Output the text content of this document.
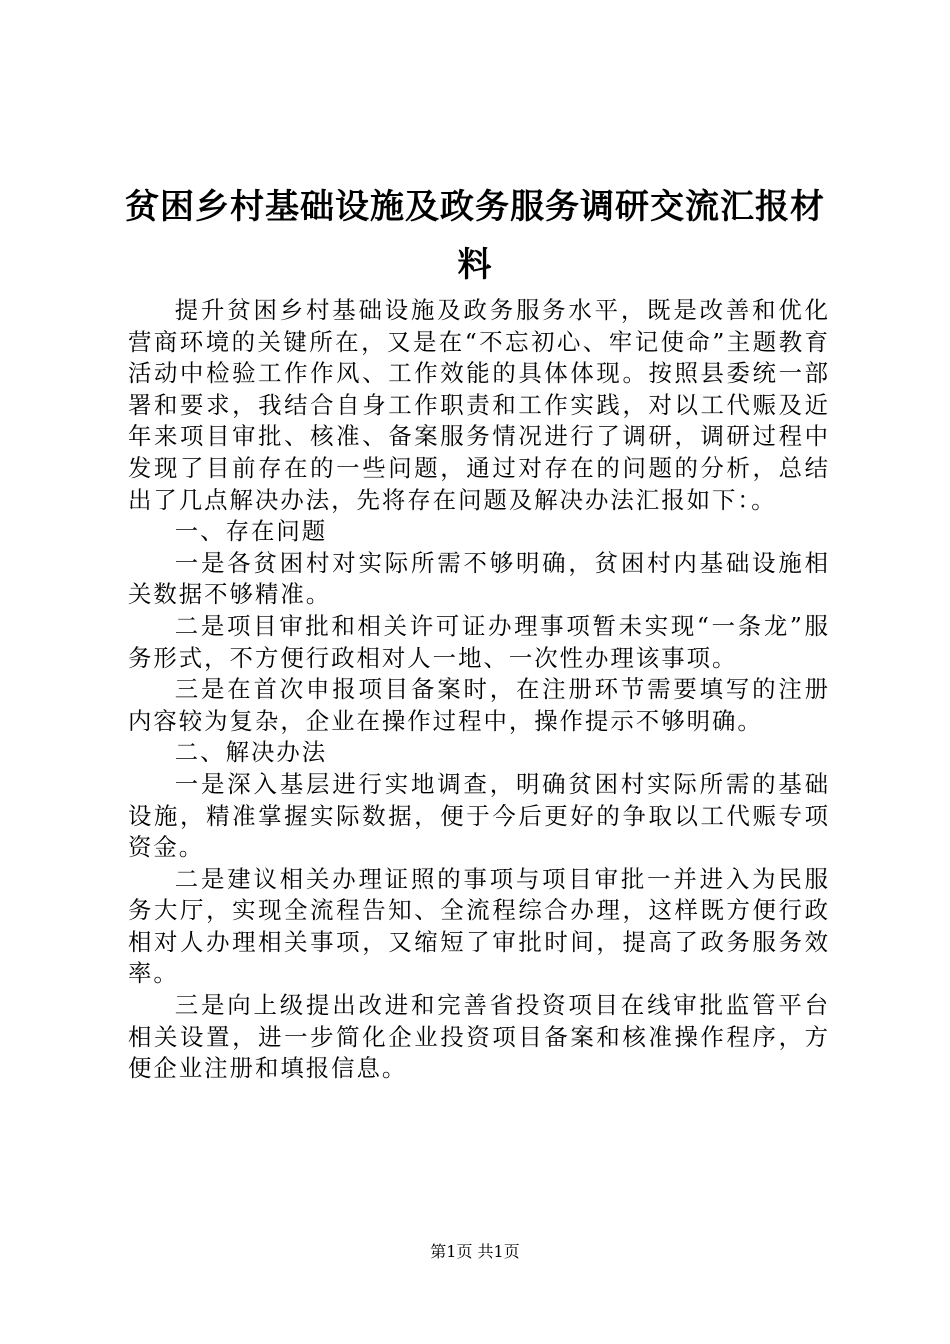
贫困乡村基础设施及政务服务调研交流汇报材料

提升贫困乡村基础设施及政务服务水平，既是改善和优化营商环境的关键所在，又是在“不忘初心、牢记使命”主题教育活动中检验工作作风、工作效能的具体体现。按照县委统一部署和要求，我结合自身工作职责和工作实践，对以工代赈及近年来项目审批、核准、备案服务情况进行了调研，调研过程中发现了目前存在的一些问题，通过对存在的问题的分析，总结出了几点解决办法，先将存在问题及解决办法汇报如下：。

一、存在问题

一是各贫困村对实际所需不够明确，贫困村内基础设施相关数据不够精准。

二是项目审批和相关许可证办理事项暂未实现“一条龙”服务形式，不方便行政相对人一地、一次性办理该事项。

三是在首次申报项目备案时，在注册环节需要填写的注册内容较为复杂，企业在操作过程中，操作提示不够明确。

二、解决办法

一是深入基层进行实地调查，明确贫困村实际所需的基础设施，精准掌握实际数据，便于今后更好的争取以工代赈专项资金。

二是建议相关办理证照的事项与项目审批一并进入为民服务大厅，实现全流程告知、全流程综合办理，这样既方便行政相对人办理相关事项，又缩短了审批时间，提高了政务服务效率。

三是向上级提出改进和完善省投资项目在线审批监管平台相关设置，进一步简化企业投资项目备案和核准操作程序，方便企业注册和填报信息。

第1页 共1页
